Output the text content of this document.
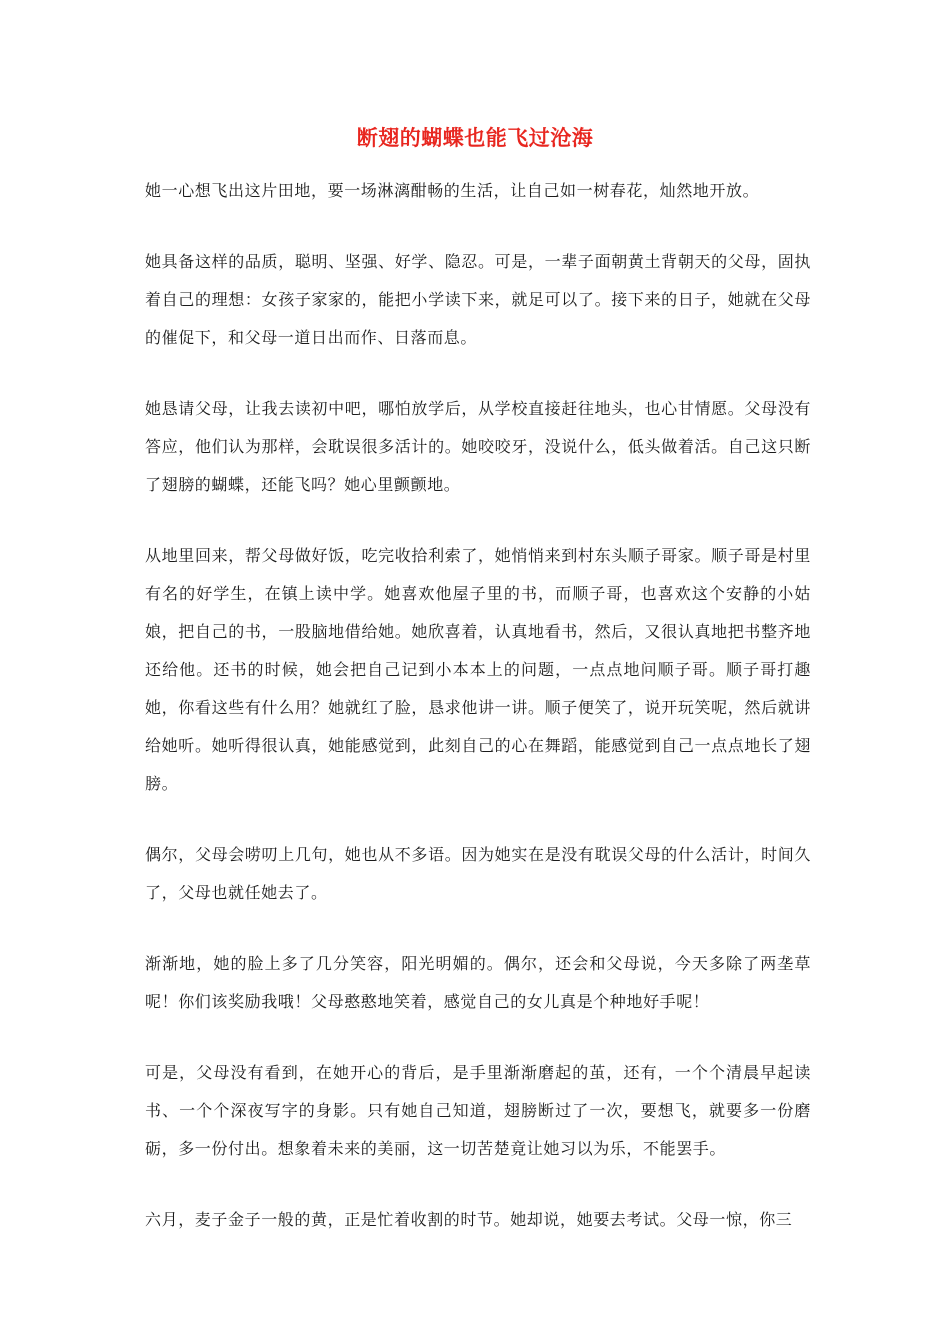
断翅的蝴蝶也能飞过沧海

她一心想飞出这片田地，要一场淋漓酣畅的生活，让自己如一树春花，灿然地开放。

她具备这样的品质，聪明、坚强、好学、隐忍。可是，一辈子面朝黄土背朝天的父母，固执着自己的理想：女孩子家家的，能把小学读下来，就足可以了。接下来的日子，她就在父母的催促下，和父母一道日出而作、日落而息。

她恳请父母，让我去读初中吧，哪怕放学后，从学校直接赶往地头，也心甘情愿。父母没有答应，他们认为那样，会耽误很多活计的。她咬咬牙，没说什么，低头做着活。自己这只断了翅膀的蝴蝶，还能飞吗？她心里颤颤地。

从地里回来，帮父母做好饭，吃完收拾利索了，她悄悄来到村东头顺子哥家。顺子哥是村里有名的好学生，在镇上读中学。她喜欢他屋子里的书，而顺子哥，也喜欢这个安静的小姑娘，把自己的书，一股脑地借给她。她欣喜着，认真地看书，然后，又很认真地把书整齐地还给他。还书的时候，她会把自己记到小本本上的问题，一点点地问顺子哥。顺子哥打趣她，你看这些有什么用？她就红了脸，恳求他讲一讲。顺子便笑了，说开玩笑呢，然后就讲给她听。她听得很认真，她能感觉到，此刻自己的心在舞蹈，能感觉到自己一点点地长了翅膀。

偶尔，父母会唠叨上几句，她也从不多语。因为她实在是没有耽误父母的什么活计，时间久了，父母也就任她去了。

渐渐地，她的脸上多了几分笑容，阳光明媚的。偶尔，还会和父母说，今天多除了两垄草呢！你们该奖励我哦！父母憨憨地笑着，感觉自己的女儿真是个种地好手呢！

可是，父母没有看到，在她开心的背后，是手里渐渐磨起的茧，还有，一个个清晨早起读书、一个个深夜写字的身影。只有她自己知道，翅膀断过了一次，要想飞，就要多一份磨砺，多一份付出。想象着未来的美丽，这一切苦楚竟让她习以为乐，不能罢手。

六月，麦子金子一般的黄，正是忙着收割的时节。她却说，她要去考试。父母一惊，你三
